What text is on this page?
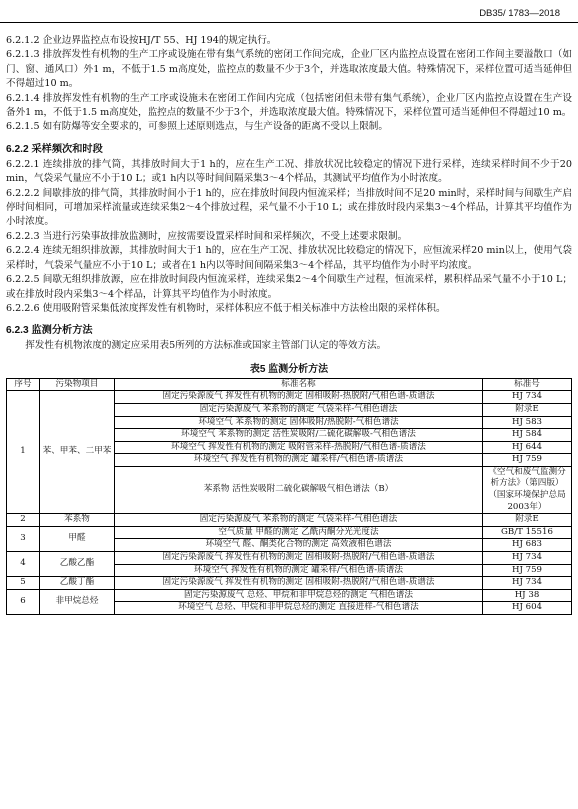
DB35/ 1783—2018

6.2.1.2 企业边界监控点布设按HJ/T 55、HJ 194的规定执行。

6.2.1.3 排放挥发性有机物的生产工序或设施在带有集气系统的密闭工作间完成，企业厂区内监控点设置在密闭工作间主要溢散口（如门、窗、通风口）外1 m，不低于1.5 m高度处，监控点的数量不少于3个，并选取浓度最大值。特殊情况下，采样位置可适当延伸但不得超过10 m。

6.2.1.4 排放挥发性有机物的生产工序或设施未在密闭工作间内完成（包括密闭但未带有集气系统），企业厂区内监控点设置在生产设备外1 m，不低于1.5 m高度处，监控点的数量不少于3个，并选取浓度最大值。特殊情况下，采样位置可适当延伸但不得超过10 m。

6.2.1.5 如有防爆等安全要求的，可参照上述原则选点，与生产设备的距离不受以上限制。

6.2.2 采样频次和时段

6.2.2.1 连续排放的排气筒，其排放时间大于1 h的，应在生产工况、排放状况比较稳定的情况下进行采样，连续采样时间不少于20 min，气袋采气量应不小于10 L；或1 h内以等时间间隔采集3～4个样品，其测试平均值作为小时浓度。

6.2.2.2 间歇排放的排气筒，其排放时间小于1 h的，应在排放时间段内恒流采样；当排放时间不足20 min时，采样时间与间歇生产启停时间相同，可增加采样流量或连续采集2～4个排放过程，采气量不小于10 L；或在排放时段内采集3～4个样品，计算其平均值作为小时浓度。

6.2.2.3 当进行污染事故排放监测时，应按需要设置采样时间和采样频次，不受上述要求限制。

6.2.2.4 连续无组织排放源，其排放时间大于1 h的，应在生产工况、排放状况比较稳定的情况下，应恒流采样20 min以上，使用气袋采样时，气袋采气量应不小于10 L；或者在1 h内以等时间间隔采集3～4个样品，其平均值作为小时平均浓度。

6.2.2.5 间歇无组织排放源，应在排放时间段内恒流采样，连续采集2～4个间歇生产过程，恒流采样，累积样品采气量不小于10 L；或在排放时段内采集3～4个样品，计算其平均值作为小时浓度。

6.2.2.6 使用吸附管采集低浓度挥发性有机物时，采样体积应不低于相关标准中方法检出限的采样体积。

6.2.3 监测分析方法

挥发性有机物浓度的测定应采用表5所列的方法标准或国家主管部门认定的等效方法。

表5 监测分析方法
序号	污染物项目	标准名称	标准号
1	苯、甲苯、二甲苯	固定污染源废气 挥发性有机物的测定 固相吸附-热脱附/气相色谱-质谱法	HJ 734
		固定污染源废气 苯系物的测定 气袋采样-气相色谱法	附录E
		环境空气 苯系物的测定 固体吸附/热脱附-气相色谱法	HJ 583
		环境空气 苯系物的测定 活性炭吸附/二硫化碳解吸-气相色谱法	HJ 584
		环境空气 挥发性有机物的测定 吸附管采样-热脱附/气相色谱-质谱法	HJ 644
		环境空气 挥发性有机物的测定 罐采样/气相色谱-质谱法	HJ 759
		苯系物 活性炭吸附二硫化碳解吸气相色谱法（B）	《空气和废气监测分析方法》（第四版）（国家环境保护总局 2003年）
2	苯系物	固定污染源废气 苯系物的测定 气袋采样-气相色谱法	附录E
3	甲醛	空气质量 甲醛的测定 乙酰丙酮分光光度法	GB/T 15516
		环境空气 醛、酮类化合物的测定 高效液相色谱法	HJ 683
4	乙酸乙酯	固定污染源废气 挥发性有机物的测定 固相吸附-热脱附/气相色谱-质谱法	HJ 734
		环境空气 挥发性有机物的测定 罐采样/气相色谱-质谱法	HJ 759
5	乙酸丁酯	固定污染源废气 挥发性有机物的测定 固相吸附-热脱附/气相色谱-质谱法	HJ 734
6	非甲烷总烃	固定污染源废气 总烃、甲烷和非甲烷总烃的测定 气相色谱法	HJ 38
		环境空气 总烃、甲烷和非甲烷总烃的测定 直接进样-气相色谱法	HJ 604
